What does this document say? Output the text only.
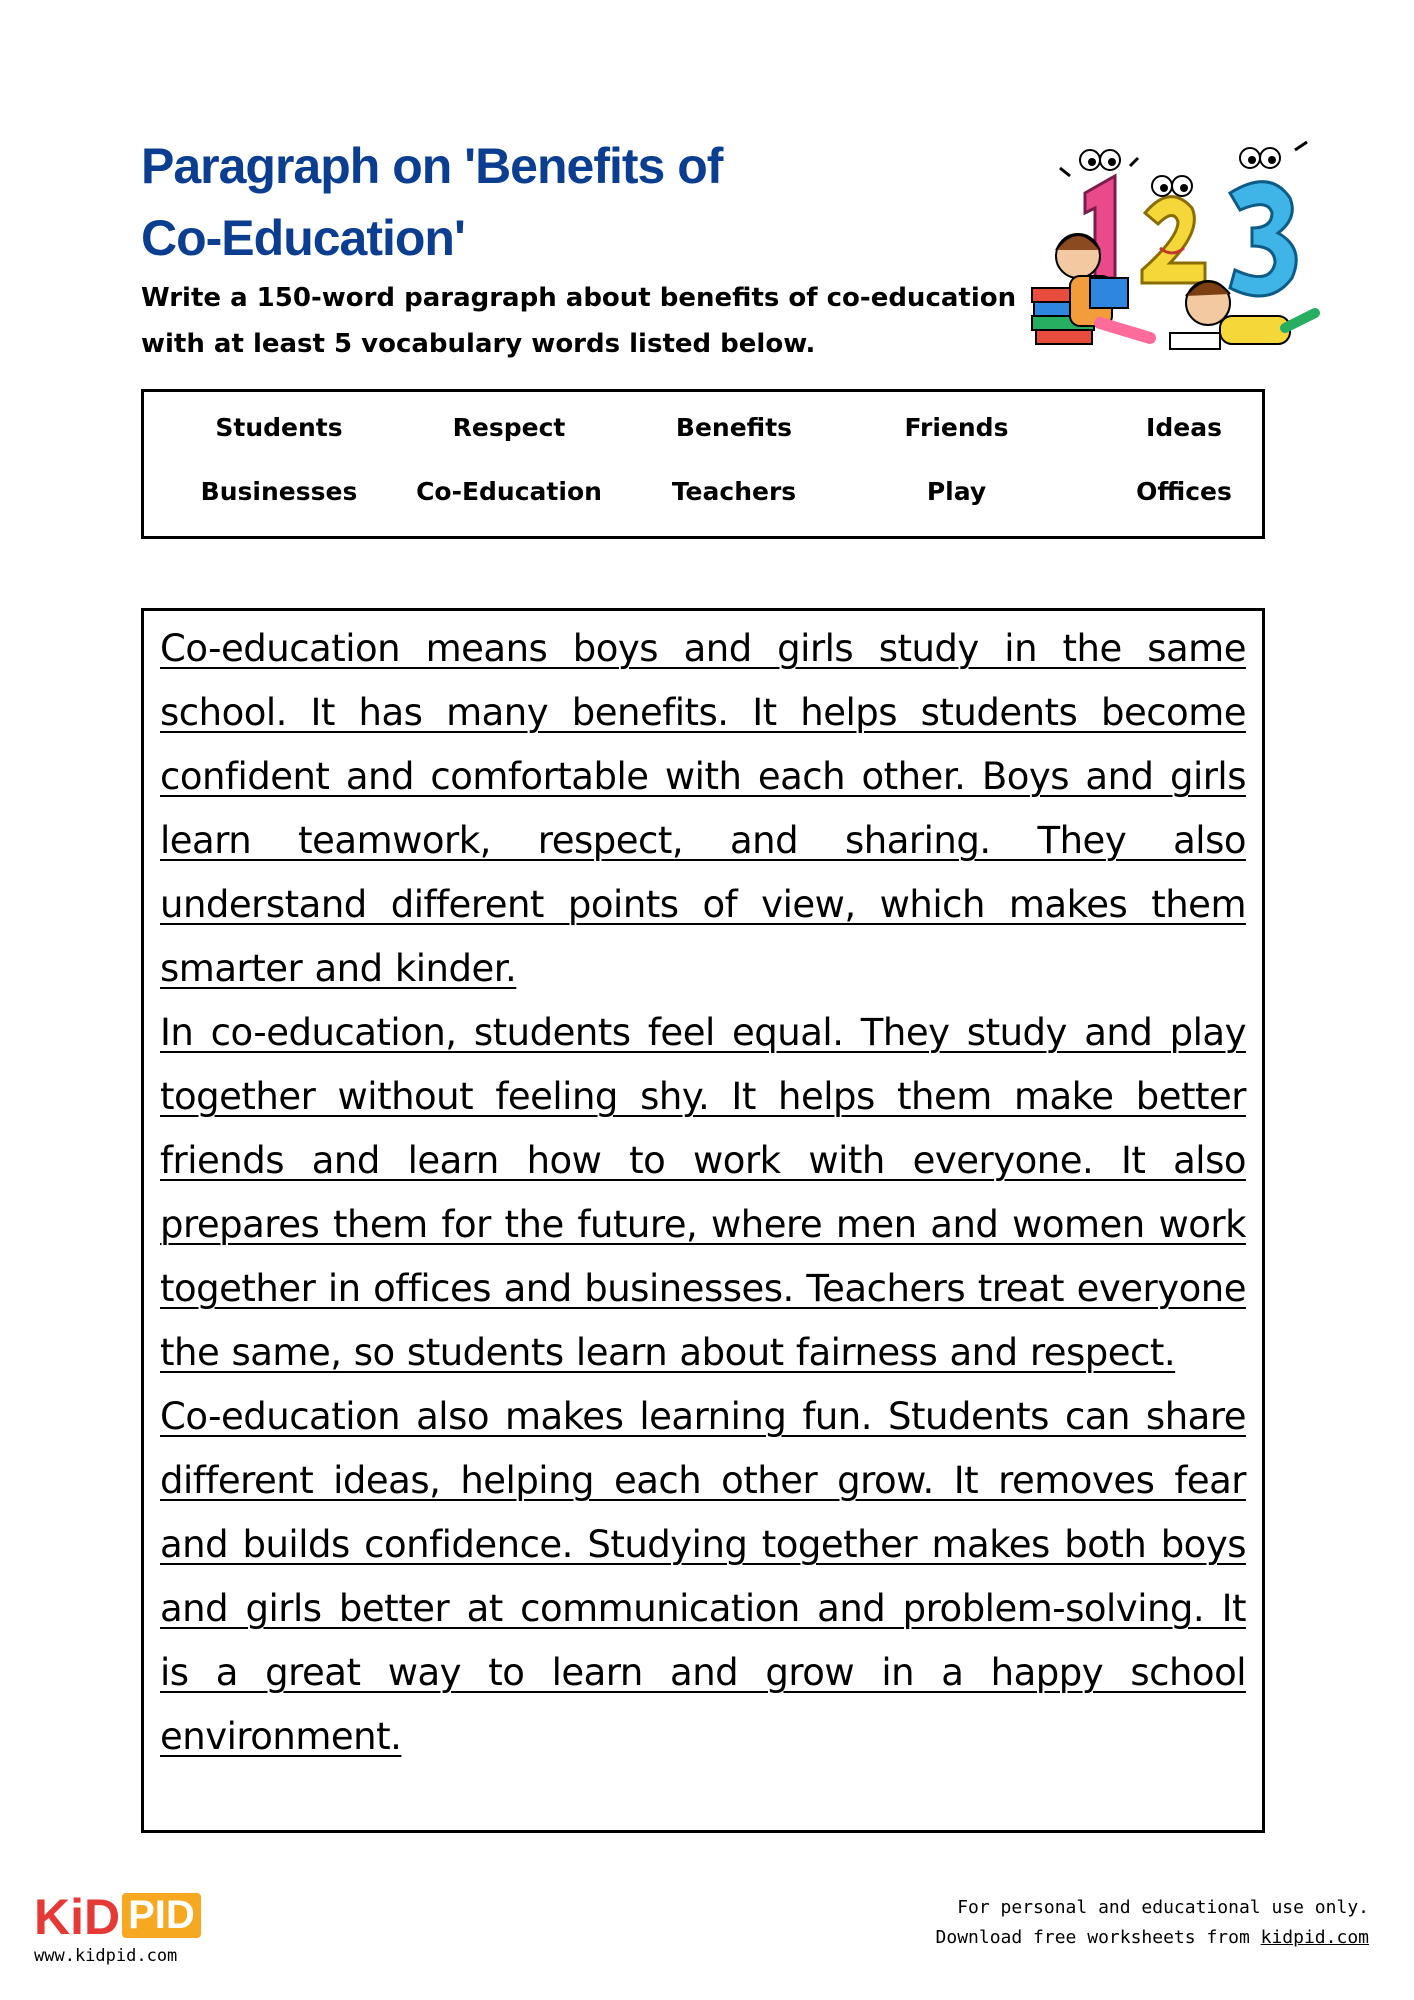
Paragraph on 'Benefits of Co-Education'

Write a 150-word paragraph about benefits of co-education with at least 5 vocabulary words listed below.

Students	Respect	Benefits	Friends	Ideas
Businesses	Co-Education	Teachers	Play	Offices

Co-education means boys and girls study in the same school. It has many benefits. It helps students become confident and comfortable with each other. Boys and girls learn teamwork, respect, and sharing. They also understand different points of view, which makes them smarter and kinder.

In co-education, students feel equal. They study and play together without feeling shy. It helps them make better friends and learn how to work with everyone. It also prepares them for the future, where men and women work together in offices and businesses. Teachers treat everyone the same, so students learn about fairness and respect.

Co-education also makes learning fun. Students can share different ideas, helping each other grow. It removes fear and builds confidence. Studying together makes both boys and girls better at communication and problem-solving. It is a great way to learn and grow in a happy school environment.

KiD PID
www.kidpid.com
For personal and educational use only.
Download free worksheets from kidpid.com
